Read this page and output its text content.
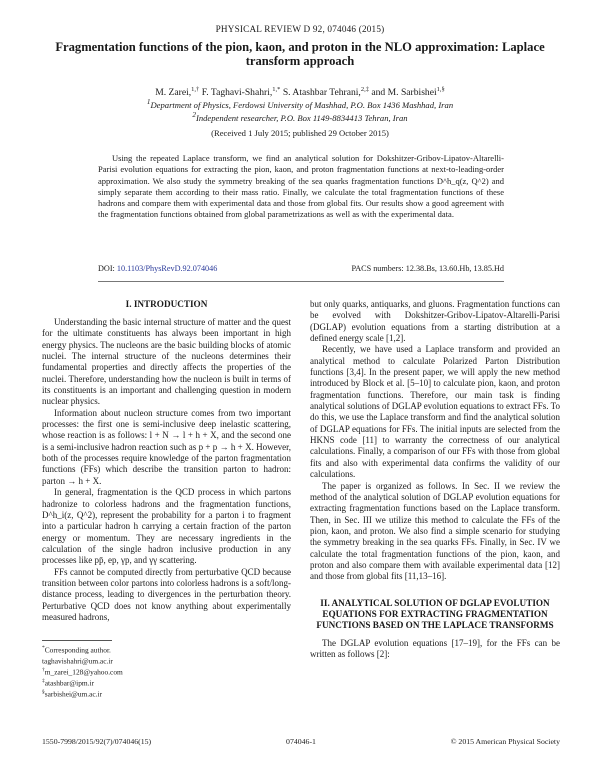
PHYSICAL REVIEW D 92, 074046 (2015)
Fragmentation functions of the pion, kaon, and proton in the NLO approximation: Laplace transform approach
M. Zarei,$^{1,\dagger}$ F. Taghavi-Shahri,$^{1,*}$ S. Atashbar Tehrani,$^{2,\ddagger}$ and M. Sarbishei$^{1,\S}$
$^1$Department of Physics, Ferdowsi University of Mashhad, P.O. Box 1436 Mashhad, Iran
$^2$Independent researcher, P.O. Box 1149-8834413 Tehran, Iran
(Received 1 July 2015; published 29 October 2015)
Using the repeated Laplace transform, we find an analytical solution for Dokshitzer-Gribov-Lipatov-Altarelli-Parisi evolution equations for extracting the pion, kaon, and proton fragmentation functions at next-to-leading-order approximation. We also study the symmetry breaking of the sea quarks fragmentation functions D^h_q(z, Q^2) and simply separate them according to their mass ratio. Finally, we calculate the total fragmentation functions of these hadrons and compare them with experimental data and those from global fits. Our results show a good agreement with the fragmentation functions obtained from global parametrizations as well as with the experimental data.
DOI: 10.1103/PhysRevD.92.074046	PACS numbers: 12.38.Bs, 13.60.Hb, 13.85.Hd
I. INTRODUCTION

Understanding the basic internal structure of matter and the quest for the ultimate constituents has always been important in high energy physics. The nucleons are the basic building blocks of atomic nuclei. The internal structure of the nucleons determines their fundamental properties and directly affects the properties of the nuclei. Therefore, understanding how the nucleon is built in terms of its constituents is an important and challenging question in modern nuclear physics.

Information about nucleon structure comes from two important processes: the first one is semi-inclusive deep inelastic scattering, whose reaction is as follows: l + N → l + h + X, and the second one is a semi-inclusive hadron reaction such as p + p → h + X. However, both of the processes require knowledge of the parton fragmentation functions (FFs) which describe the transition parton to hadron: parton → h + X.

In general, fragmentation is the QCD process in which partons hadronize to colorless hadrons and the fragmentation functions, D^h_i(z, Q^2), represent the probability for a parton i to fragment into a particular hadron h carrying a certain fraction of the parton energy or momentum. They are necessary ingredients in the calculation of the single hadron inclusive production in any processes like pp̄, ep, γp, and γγ scattering.

FFs cannot be computed directly from perturbative QCD because transition between color partons into colorless hadrons is a soft/long-distance process, leading to divergences in the perturbation theory. Perturbative QCD does not know anything about experimentally measured hadrons,

but only quarks, antiquarks, and gluons. Fragmentation functions can be evolved with Dokshitzer-Gribov-Lipatov-Altarelli-Parisi (DGLAP) evolution equations from a starting distribution at a defined energy scale [1,2].

Recently, we have used a Laplace transform and provided an analytical method to calculate Polarized Parton Distribution functions [3,4]. In the present paper, we will apply the new method introduced by Block et al. [5–10] to calculate pion, kaon, and proton fragmentation functions. Therefore, our main task is finding analytical solutions of DGLAP evolution equations to extract FFs. To do this, we use the Laplace transform and find the analytical solution of DGLAP equations for FFs. The initial inputs are selected from the HKNS code [11] to warranty the correctness of our analytical calculations. Finally, a comparison of our FFs with those from global fits and also with experimental data confirms the validity of our calculations.

The paper is organized as follows. In Sec. II we review the method of the analytical solution of DGLAP evolution equations for extracting fragmentation functions based on the Laplace transform. Then, in Sec. III we utilize this method to calculate the FFs of the pion, kaon, and proton. We also find a simple scenario for studying the symmetry breaking in the sea quarks FFs. Finally, in Sec. IV we calculate the total fragmentation functions of the pion, kaon, and proton and also compare them with available experimental data [12] and those from global fits [11,13–16].

II. ANALYTICAL SOLUTION OF DGLAP EVOLUTION EQUATIONS FOR EXTRACTING FRAGMENTATION FUNCTIONS BASED ON THE LAPLACE TRANSFORMS

The DGLAP evolution equations [17–19], for the FFs can be written as follows [2]:

*Corresponding author.
taghavishahri@um.ac.ir
†m_zarei_128@yahoo.com
‡atashbar@ipm.ir
§sarbishei@um.ac.ir
1550-7998/2015/92(7)/074046(15)	074046-1	© 2015 American Physical Society
